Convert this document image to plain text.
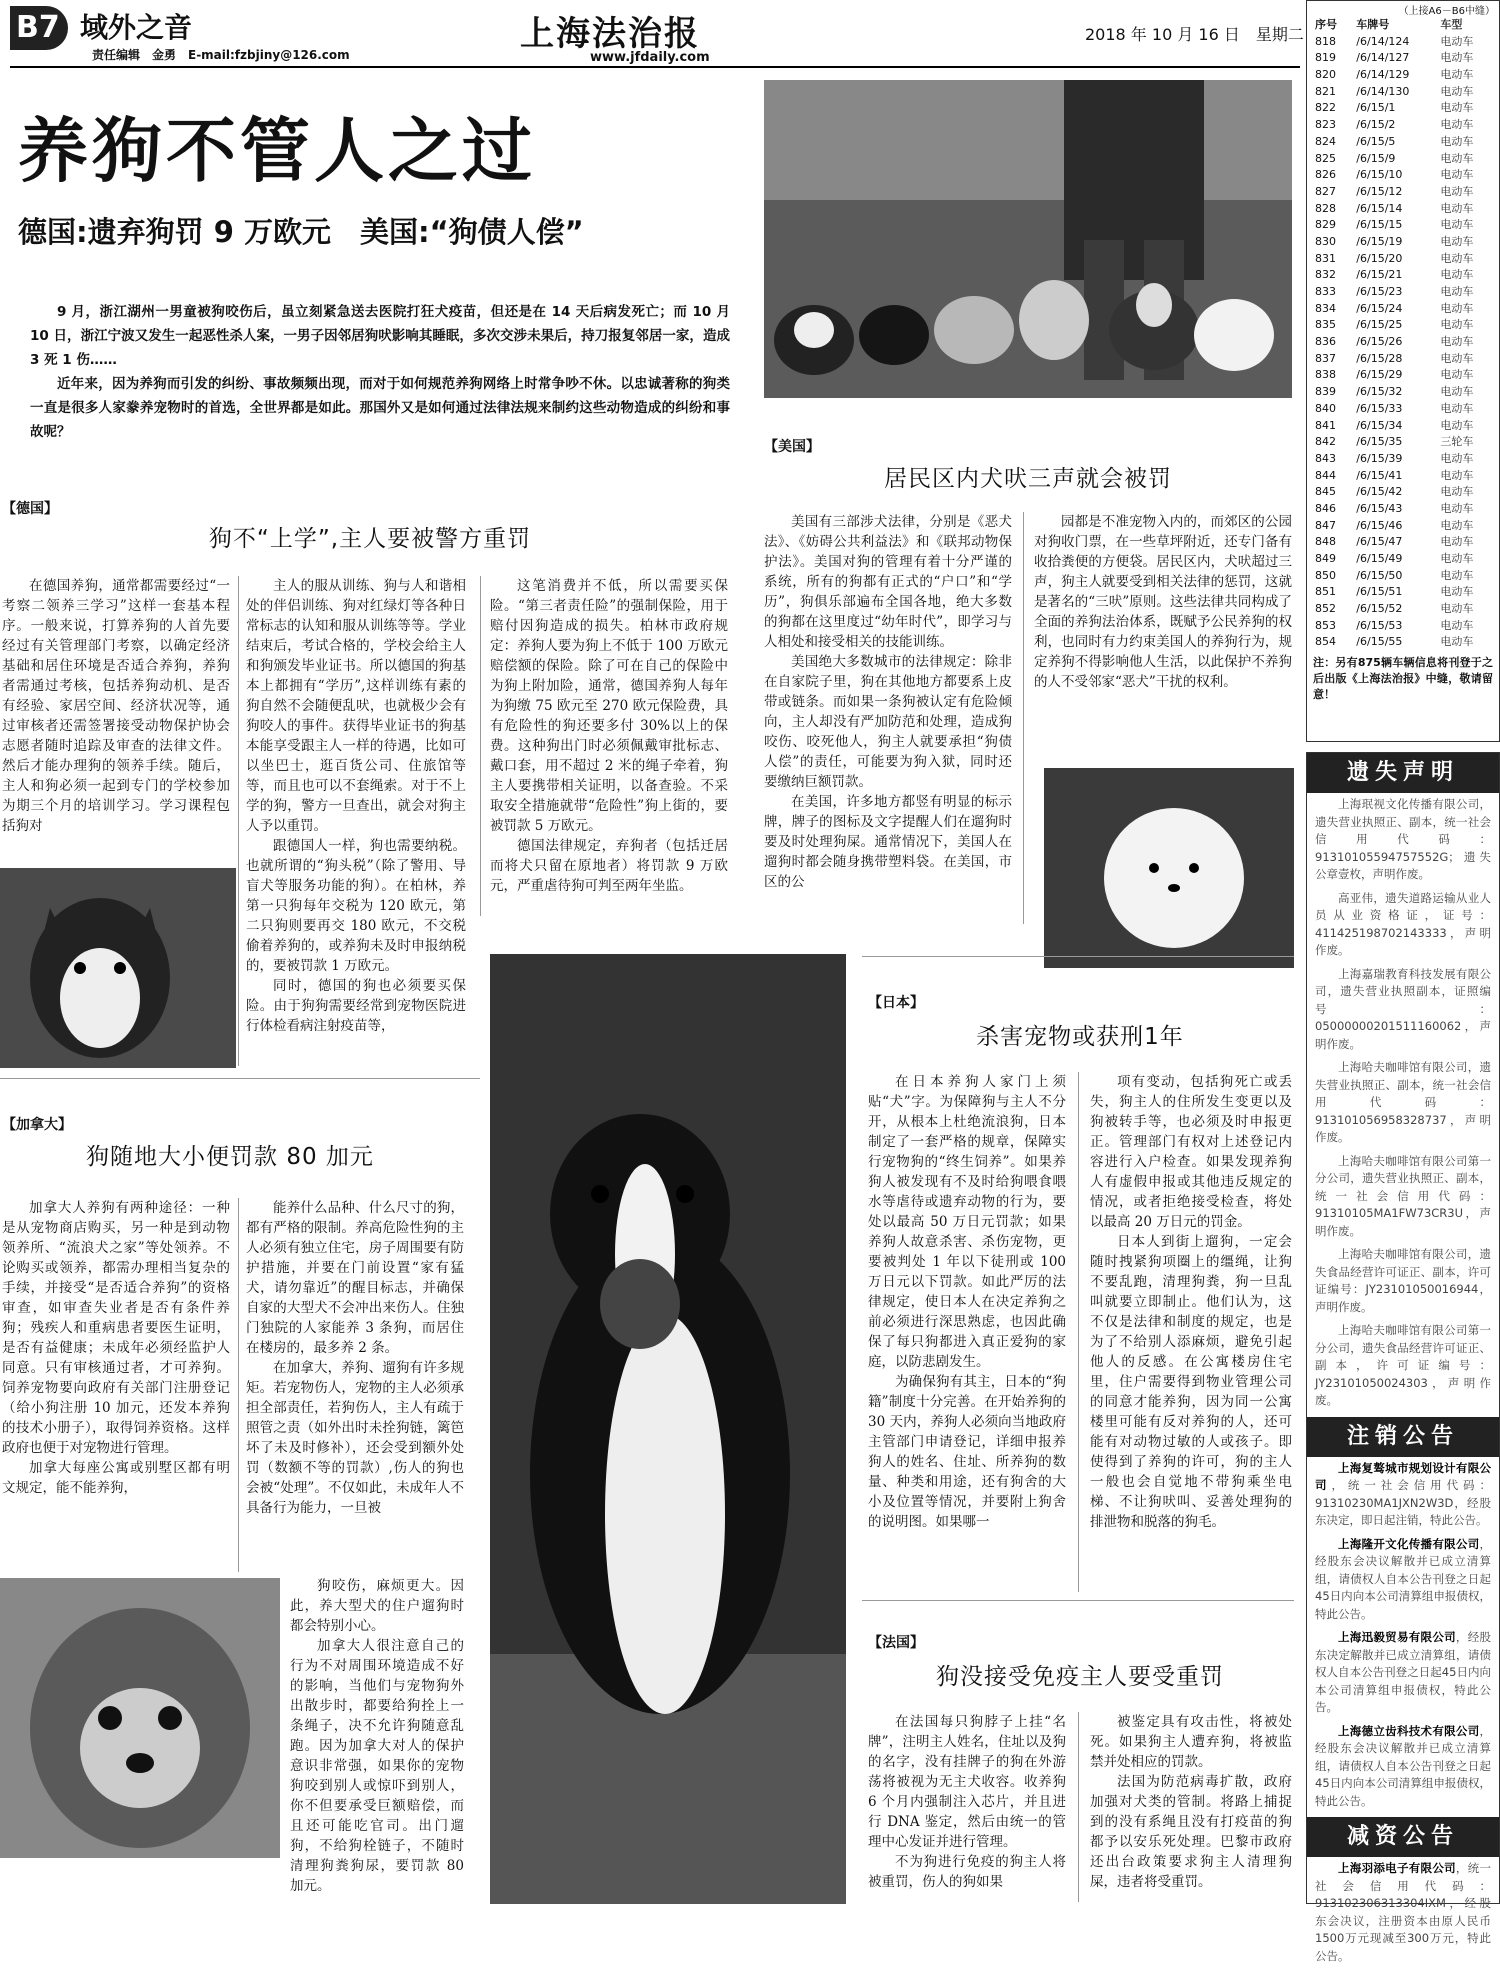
B7 域外之音
责任编辑　金勇　E-mail:fzbjiny@126.com
上海法治报
www.jfdaily.com
2018 年 10 月 16 日　星期二
养狗不管人之过
德国:遗弃狗罚 9 万欧元　美国:“狗债人偿”

9 月，浙江湖州一男童被狗咬伤后，虽立刻紧急送去医院打狂犬疫苗，但还是在 14 天后病发死亡；而 10 月 10 日，浙江宁波又发生一起恶性杀人案，一男子因邻居狗吠影响其睡眠，多次交涉未果后，持刀报复邻居一家，造成 3 死 1 伤……

近年来，因为养狗而引发的纠纷、事故频频出现，而对于如何规范养狗网络上时常争吵不休。以忠诚著称的狗类一直是很多人家豢养宠物时的首选，全世界都是如此。那国外又是如何通过法律法规来制约这些动物造成的纠纷和事故呢？

【德国】
狗不“上学”,主人要被警方重罚
在德国养狗，通常都需要经过“一考察二领养三学习”这样一套基本程序。一般来说，打算养狗的人首先要经过有关管理部门考察，以确定经济基础和居住环境是否适合养狗，养狗者需通过考核，包括养狗动机、是否有经验、家居空间、经济状况等，通过审核者还需签署接受动物保护协会志愿者随时追踪及审查的法律文件。然后才能办理狗的领养手续。随后，主人和狗必须一起到专门的学校参加为期三个月的培训学习。学习课程包括狗对

主人的服从训练、狗与人和谐相处的伴侣训练、狗对红绿灯等各种日常标志的认知和服从训练等等。学业结束后，考试合格的，学校会给主人和狗颁发毕业证书。所以德国的狗基本上都拥有“学历”,这样训练有素的狗自然不会随便乱吠，也就极少会有狗咬人的事件。获得毕业证书的狗基本能享受跟主人一样的待遇，比如可以坐巴士，逛百货公司、住旅馆等等，而且也可以不套绳索。对于不上学的狗，警方一旦查出，就会对狗主人予以重罚。

跟德国人一样，狗也需要纳税。也就所谓的“狗头税”（除了警用、导盲犬等服务功能的狗）。在柏林，养第一只狗每年交税为 120 欧元，第二只狗则要再交 180 欧元，不交税偷着养狗的，或养狗未及时申报纳税的，要被罚款 1 万欧元。

同时，德国的狗也必须要买保险。由于狗狗需要经常到宠物医院进行体检看病注射疫苗等，

这笔消费并不低，所以需要买保险。“第三者责任险”的强制保险，用于赔付因狗造成的损失。柏林市政府规定：养狗人要为狗上不低于 100 万欧元赔偿额的保险。除了可在自己的保险中为狗上附加险，通常，德国养狗人每年为狗缴 75 欧元至 270 欧元保险费，具有危险性的狗还要多付 30%以上的保费。这种狗出门时必须佩戴审批标志、戴口套，用不超过 2 米的绳子牵着，狗主人要携带相关证明，以备查验。不采取安全措施就带“危险性”狗上街的，要被罚款 5 万欧元。

德国法律规定，弃狗者（包括迁居而将犬只留在原地者）将罚款 9 万欧元，严重虐待狗可判至两年坐监。

【加拿大】
狗随地大小便罚款 80 加元

加拿大人养狗有两种途径：一种是从宠物商店购买，另一种是到动物领养所、“流浪犬之家”等处领养。不论购买或领养，都需办理相当复杂的手续，并接受“是否适合养狗”的资格审查，如审查失业者是否有条件养狗；残疾人和重病患者要医生证明，是否有益健康；未成年必须经监护人同意。只有审核通过者，才可养狗。饲养宠物要向政府有关部门注册登记（给小狗注册 10 加元，还发本养狗的技术小册子），取得饲养资格。这样政府也便于对宠物进行管理。

加拿大每座公寓或别墅区都有明文规定，能不能养狗，

能养什么品种、什么尺寸的狗，都有严格的限制。养高危险性狗的主人必须有独立住宅，房子周围要有防护措施，并要在门前设置“家有猛犬，请勿靠近”的醒目标志，并确保自家的大型犬不会冲出来伤人。住独门独院的人家能养 3 条狗，而居住在楼房的，最多养 2 条。

在加拿大，养狗、遛狗有许多规矩。若宠物伤人，宠物的主人必须承担全部责任，若狗伤人，主人有疏于照管之责（如外出时未拴狗链，篱笆坏了未及时修补），还会受到额外处罚（数额不等的罚款）,伤人的狗也会被“处理”。不仅如此，未成年人不具备行为能力，一旦被

狗咬伤，麻烦更大。因此，养大型犬的住户遛狗时都会特别小心。

加拿大人很注意自己的行为不对周围环境造成不好的影响，当他们与宠物狗外出散步时，都要给狗拴上一条绳子，决不允许狗随意乱跑。因为加拿大对人的保护意识非常强，如果你的宠物狗咬到别人或惊吓到别人，你不但要承受巨额赔偿，而且还可能吃官司。出门遛狗，不给狗栓链子，不随时清理狗粪狗尿，要罚款 80 加元。

【美国】
居民区内犬吠三声就会被罚

美国有三部涉犬法律，分别是《恶犬法》、《妨碍公共利益法》和《联邦动物保护法》。美国对狗的管理有着十分严谨的系统，所有的狗都有正式的“户口”和“学历”，狗俱乐部遍布全国各地，绝大多数的狗都在这里度过“幼年时代”，即学习与人相处和接受相关的技能训练。

美国绝大多数城市的法律规定：除非在自家院子里，狗在其他地方都要系上皮带或链条。而如果一条狗被认定有危险倾向，主人却没有严加防范和处理，造成狗咬伤、咬死他人，狗主人就要承担“狗债人偿”的责任，可能要为狗入狱，同时还要缴纳巨额罚款。

在美国，许多地方都竖有明显的标示牌，牌子的图标及文字提醒人们在遛狗时要及时处理狗屎。通常情况下，美国人在遛狗时都会随身携带塑料袋。在美国，市区的公

园都是不准宠物入内的，而郊区的公园对狗收门票，在一些草坪附近，还专门备有收拾粪便的方便袋。居民区内，犬吠超过三声，狗主人就要受到相关法律的惩罚，这就是著名的“三吠”原则。这些法律共同构成了全面的养狗法治体系，既赋予公民养狗的权利，也同时有力约束美国人的养狗行为，规定养狗不得影响他人生活，以此保护不养狗的人不受邻家“恶犬”干扰的权利。
【日本】
杀害宠物或获刑1年

在日本养狗人家门上须贴“犬”字。为保障狗与主人不分开，从根本上杜绝流浪狗，日本制定了一套严格的规章，保障实行宠物狗的“终生饲养”。如果养狗人被发现有不及时给狗喂食喂水等虐待或遗弃动物的行为，要处以最高 50 万日元罚款；如果养狗人故意杀害、杀伤宠物，更要被判处 1 年以下徒刑或 100 万日元以下罚款。如此严厉的法律规定，使日本人在决定养狗之前必须进行深思熟虑，也因此确保了每只狗都进入真正爱狗的家庭，以防悲剧发生。

为确保狗有其主，日本的“狗籍”制度十分完善。在开始养狗的 30 天内，养狗人必须向当地政府主管部门申请登记，详细申报养狗人的姓名、住址、所养狗的数量、种类和用途，还有狗舍的大小及位置等情况，并要附上狗舍的说明图。如果哪一

项有变动，包括狗死亡或丢失，狗主人的住所发生变更以及狗被转手等，也必须及时申报更正。管理部门有权对上述登记内容进行入户检查。如果发现养狗人有虚假申报或其他违反规定的情况，或者拒绝接受检查，将处以最高 20 万日元的罚金。

日本人到街上遛狗，一定会随时拽紧狗项圈上的缰绳，让狗不要乱跑，清理狗粪，狗一旦乱叫就要立即制止。他们认为，这不仅是法律和制度的规定，也是为了不给别人添麻烦，避免引起他人的反感。在公寓楼房住宅里，住户需要得到物业管理公司的同意才能养狗，因为同一公寓楼里可能有反对养狗的人，还可能有对动物过敏的人或孩子。即使得到了养狗的许可，狗的主人一般也会自觉地不带狗乘坐电梯、不让狗吠叫、妥善处理狗的排泄物和脱落的狗毛。

【法国】
狗没接受免疫主人要受重罚

在法国每只狗脖子上挂“名牌”，注明主人姓名，住址以及狗的名字，没有挂牌子的狗在外游荡将被视为无主犬收容。收养狗 6 个月内强制注入芯片，并且进行 DNA 鉴定，然后由统一的管理中心发证并进行管理。

不为狗进行免疫的狗主人将被重罚，伤人的狗如果

被鉴定具有攻击性，将被处死。如果狗主人遭弃狗，将被监禁并处相应的罚款。

法国为防范病毒扩散，政府加强对犬类的管制。将路上捕捉到的没有系绳且没有打疫苗的狗都予以安乐死处理。巴黎市政府还出台政策要求狗主人清理狗屎，违者将受重罚。

（上接A6－B6中缝）
序号	车牌号	车型
818	/6/14/124	电动车
819	/6/14/127	电动车
820	/6/14/129	电动车
821	/6/14/130	电动车
822	/6/15/1	电动车
823	/6/15/2	电动车
824	/6/15/5	电动车
825	/6/15/9	电动车
826	/6/15/10	电动车
827	/6/15/12	电动车
828	/6/15/14	电动车
829	/6/15/15	电动车
830	/6/15/19	电动车
831	/6/15/20	电动车
832	/6/15/21	电动车
833	/6/15/23	电动车
834	/6/15/24	电动车
835	/6/15/25	电动车
836	/6/15/26	电动车
837	/6/15/28	电动车
838	/6/15/29	电动车
839	/6/15/32	电动车
840	/6/15/33	电动车
841	/6/15/34	电动车
842	/6/15/35	三轮车
843	/6/15/39	电动车
844	/6/15/41	电动车
845	/6/15/42	电动车
846	/6/15/43	电动车
847	/6/15/46	电动车
848	/6/15/47	电动车
849	/6/15/49	电动车
850	/6/15/50	电动车
851	/6/15/51	电动车
852	/6/15/52	电动车
853	/6/15/53	电动车
854	/6/15/55	电动车
注：另有875辆车辆信息将刊登于之后出版《上海法治报》中缝，敬请留意！
遗失声明
上海珉视文化传播有限公司，遗失营业执照正、副本，统一社会信用代码：91310105594757552G；遗失公章壹枚，声明作废。
高亚伟，遗失道路运输从业人员从业资格证，证号：411425198702143333，声明作废。
上海嘉瑞教育科技发展有限公司，遗失营业执照副本，证照编号：05000000201511160062，声明作废。
上海哈夫咖啡馆有限公司，遗失营业执照正、副本，统一社会信用代码：913101056958328737，声明作废。
上海哈夫咖啡馆有限公司第一分公司，遗失营业执照正、副本，统一社会信用代码：91310105MA1FW73CR3U，声明作废。
上海哈夫咖啡馆有限公司，遗失食品经营许可证正、副本，许可证编号：JY23101050016944，声明作废。
上海哈夫咖啡馆有限公司第一分公司，遗失食品经营许可证正、副本，许可证编号：JY23101050024303，声明作废。
注销公告
上海复骜城市规划设计有限公司，统一社会信用代码：91310230MA1JXN2W3D，经股东决定，即日起注销，特此公告。
上海隆开文化传播有限公司，经股东会决议解散并已成立清算组，请债权人自本公告刊登之日起45日内向本公司清算组申报债权，特此公告。
上海迅毅贸易有限公司，经股东决定解散并已成立清算组，请债权人自本公告刊登之日起45日内向本公司清算组申报债权，特此公告。
上海德立齿科技术有限公司，经股东会决议解散并已成立清算组，请债权人自本公告刊登之日起45日内向本公司清算组申报债权，特此公告。
减资公告
上海羽添电子有限公司，统一社会信用代码：913102306313304IXM，经股东会决议，注册资本由原人民币1500万元现减至300万元，特此公告。
